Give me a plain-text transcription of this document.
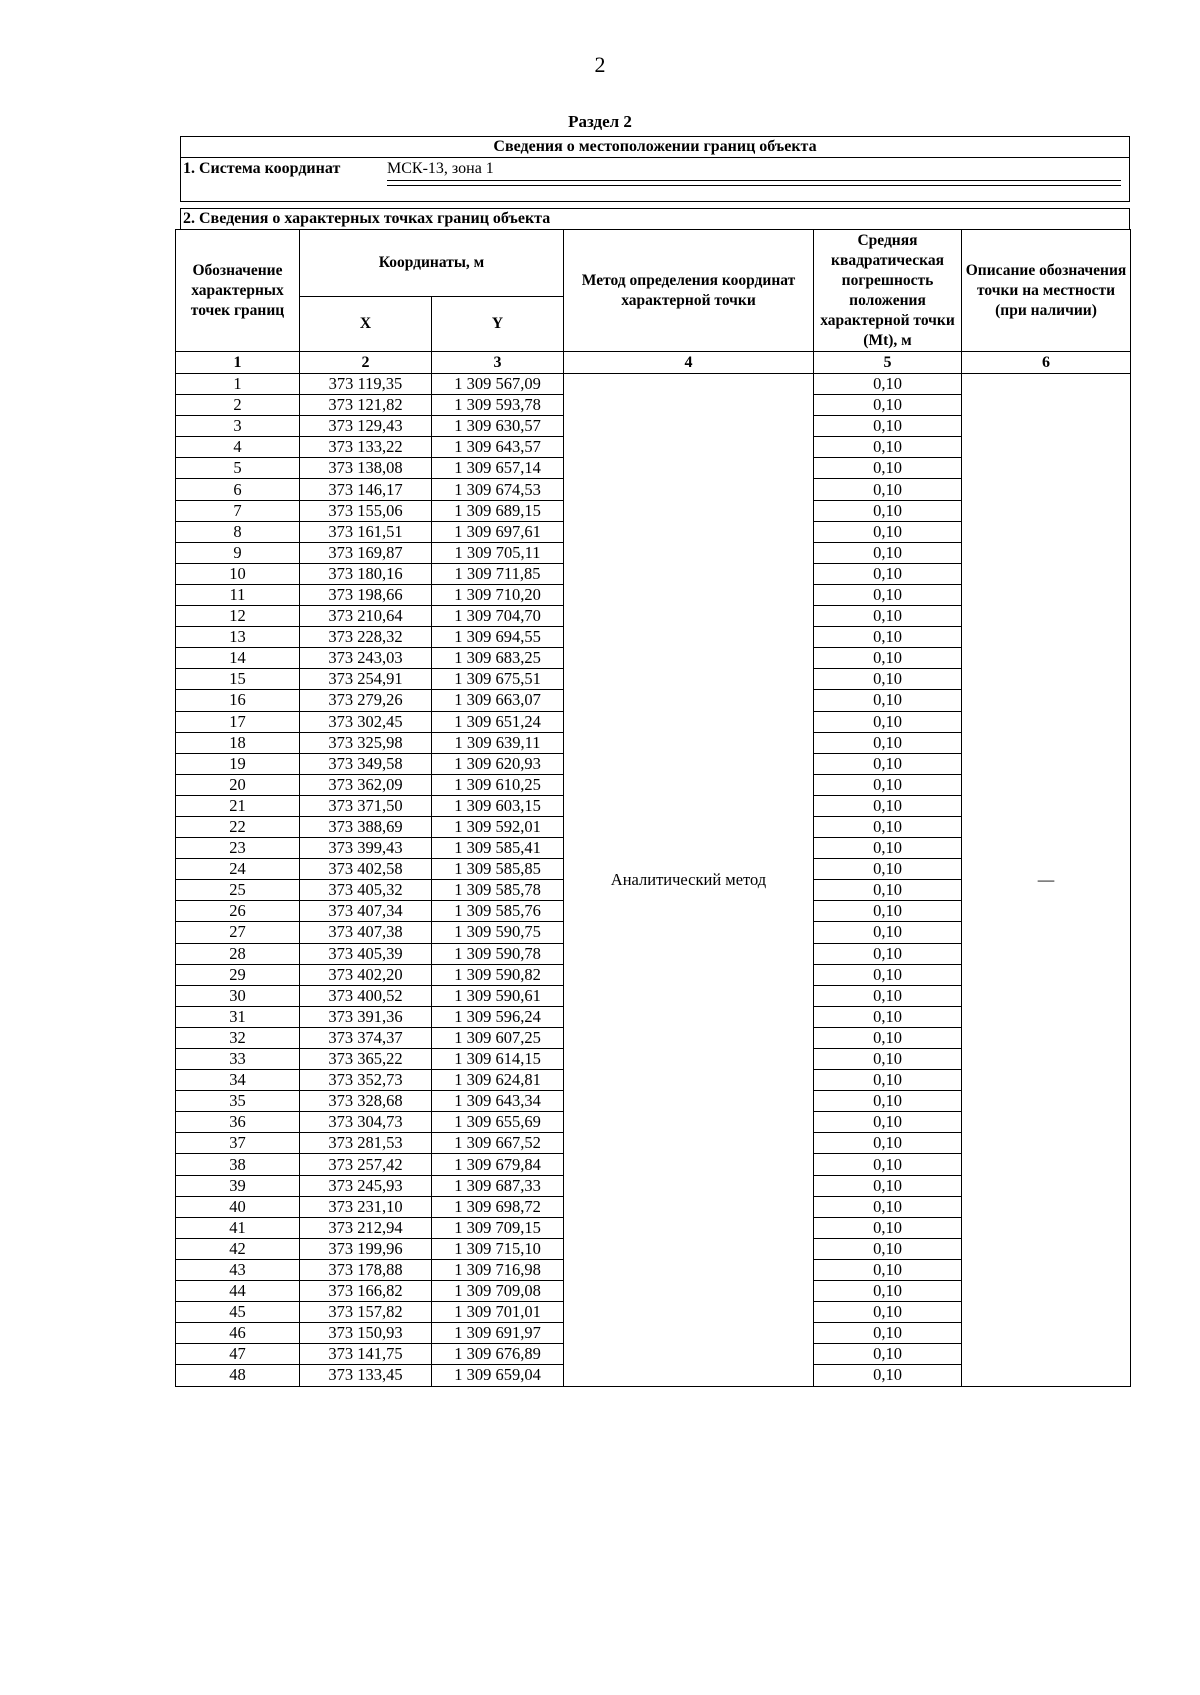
2
Раздел 2
Сведения о местоположении границ объекта
1. Система координат	МСК-13, зона 1
2. Сведения о характерных точках границ объекта
Обозначение характерных точек границ	Координаты, м		Метод определения координат характерной точки	Средняя квадратическая погрешность положения характерной точки (Mt), м	Описание обозначения точки на местности (при наличии)
	X	Y			
1	2	3	4	5	6
1	373 119,35	1 309 567,09	Аналитический метод	0,10	—
2	373 121,82	1 309 593,78		0,10	
3	373 129,43	1 309 630,57		0,10	
4	373 133,22	1 309 643,57		0,10	
5	373 138,08	1 309 657,14		0,10	
6	373 146,17	1 309 674,53		0,10	
7	373 155,06	1 309 689,15		0,10	
8	373 161,51	1 309 697,61		0,10	
9	373 169,87	1 309 705,11		0,10	
10	373 180,16	1 309 711,85		0,10	
11	373 198,66	1 309 710,20		0,10	
12	373 210,64	1 309 704,70		0,10	
13	373 228,32	1 309 694,55		0,10	
14	373 243,03	1 309 683,25		0,10	
15	373 254,91	1 309 675,51		0,10	
16	373 279,26	1 309 663,07		0,10	
17	373 302,45	1 309 651,24		0,10	
18	373 325,98	1 309 639,11		0,10	
19	373 349,58	1 309 620,93		0,10	
20	373 362,09	1 309 610,25		0,10	
21	373 371,50	1 309 603,15		0,10	
22	373 388,69	1 309 592,01		0,10	
23	373 399,43	1 309 585,41		0,10	
24	373 402,58	1 309 585,85		0,10	
25	373 405,32	1 309 585,78		0,10	
26	373 407,34	1 309 585,76		0,10	
27	373 407,38	1 309 590,75		0,10	
28	373 405,39	1 309 590,78		0,10	
29	373 402,20	1 309 590,82		0,10	
30	373 400,52	1 309 590,61		0,10	
31	373 391,36	1 309 596,24		0,10	
32	373 374,37	1 309 607,25		0,10	
33	373 365,22	1 309 614,15		0,10	
34	373 352,73	1 309 624,81		0,10	
35	373 328,68	1 309 643,34		0,10	
36	373 304,73	1 309 655,69		0,10	
37	373 281,53	1 309 667,52		0,10	
38	373 257,42	1 309 679,84		0,10	
39	373 245,93	1 309 687,33		0,10	
40	373 231,10	1 309 698,72		0,10	
41	373 212,94	1 309 709,15		0,10	
42	373 199,96	1 309 715,10		0,10	
43	373 178,88	1 309 716,98		0,10	
44	373 166,82	1 309 709,08		0,10	
45	373 157,82	1 309 701,01		0,10	
46	373 150,93	1 309 691,97		0,10	
47	373 141,75	1 309 676,89		0,10	
48	373 133,45	1 309 659,04		0,10	
